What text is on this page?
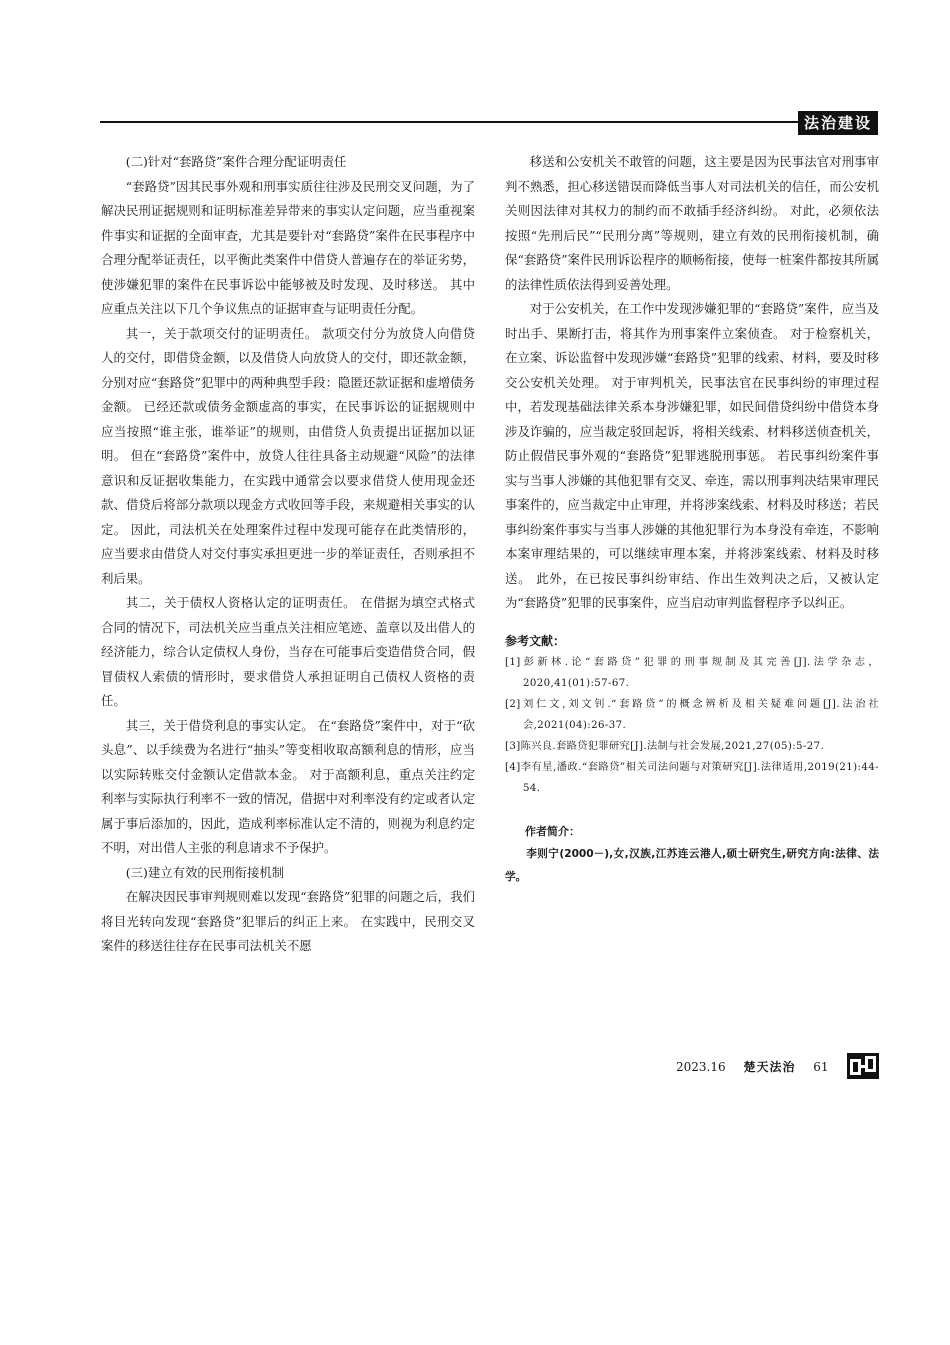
法治建设

(二)针对“套路贷”案件合理分配证明责任

“套路贷”因其民事外观和刑事实质往往涉及民刑交叉问题，为了解决民刑证据规则和证明标准差异带来的事实认定问题，应当重视案件事实和证据的全面审查，尤其是要针对“套路贷”案件在民事程序中合理分配举证责任，以平衡此类案件中借贷人普遍存在的举证劣势，使涉嫌犯罪的案件在民事诉讼中能够被及时发现、及时移送。 其中应重点关注以下几个争议焦点的证据审查与证明责任分配。

其一，关于款项交付的证明责任。 款项交付分为放贷人向借贷人的交付，即借贷金额，以及借贷人向放贷人的交付，即还款金额，分别对应“套路贷”犯罪中的两种典型手段：隐匿还款证据和虚增债务金额。 已经还款或债务金额虚高的事实，在民事诉讼的证据规则中应当按照“谁主张，谁举证”的规则，由借贷人负责提出证据加以证明。 但在“套路贷”案件中，放贷人往往具备主动规避“风险”的法律意识和反证据收集能力，在实践中通常会以要求借贷人使用现金还款、借贷后将部分款项以现金方式收回等手段，来规避相关事实的认定。 因此，司法机关在处理案件过程中发现可能存在此类情形的，应当要求由借贷人对交付事实承担更进一步的举证责任，否则承担不利后果。

其二，关于债权人资格认定的证明责任。 在借据为填空式格式合同的情况下，司法机关应当重点关注相应笔迹、盖章以及出借人的经济能力，综合认定债权人身份，当存在可能事后变造借贷合同，假冒债权人索债的情形时，要求借贷人承担证明自己债权人资格的责任。

其三，关于借贷利息的事实认定。 在“套路贷”案件中，对于“砍头息”、以手续费为名进行“抽头”等变相收取高额利息的情形，应当以实际转账交付金额认定借款本金。 对于高额利息，重点关注约定利率与实际执行利率不一致的情况，借据中对利率没有约定或者认定属于事后添加的，因此，造成利率标准认定不清的，则视为利息约定不明，对出借人主张的利息请求不予保护。

(三)建立有效的民刑衔接机制

在解决因民事审判规则难以发现“套路贷”犯罪的问题之后，我们将目光转向发现“套路贷”犯罪后的纠正上来。 在实践中，民刑交叉案件的移送往往存在民事司法机关不愿

移送和公安机关不敢管的问题，这主要是因为民事法官对刑事审判不熟悉，担心移送错误而降低当事人对司法机关的信任，而公安机关则因法律对其权力的制约而不敢插手经济纠纷。 对此，必须依法按照“先刑后民”“民刑分离”等规则，建立有效的民刑衔接机制，确保“套路贷”案件民刑诉讼程序的顺畅衔接，使每一桩案件都按其所属的法律性质依法得到妥善处理。

对于公安机关，在工作中发现涉嫌犯罪的“套路贷”案件，应当及时出手、果断打击，将其作为刑事案件立案侦查。 对于检察机关，在立案、诉讼监督中发现涉嫌“套路贷”犯罪的线索、材料，要及时移交公安机关处理。 对于审判机关，民事法官在民事纠纷的审理过程中，若发现基础法律关系本身涉嫌犯罪，如民间借贷纠纷中借贷本身涉及诈骗的，应当裁定驳回起诉，将相关线索、材料移送侦查机关，防止假借民事外观的“套路贷”犯罪逃脱刑事惩。 若民事纠纷案件事实与当事人涉嫌的其他犯罪有交叉、牵连，需以刑事判决结果审理民事案件的，应当裁定中止审理，并将涉案线索、材料及时移送；若民事纠纷案件事实与当事人涉嫌的其他犯罪行为本身没有牵连，不影响本案审理结果的，可以继续审理本案，并将涉案线索、材料及时移送。 此外，在已按民事纠纷审结、作出生效判决之后，又被认定为“套路贷”犯罪的民事案件，应当启动审判监督程序予以纠正。

参考文献：
[1]彭新林.论“套路贷”犯罪的刑事规制及其完善[J].法学杂志，2020,41(01):57-67.
[2]刘仁文,刘文钊.“套路贷”的概念辨析及相关疑难问题[J].法治社会,2021(04):26-37.
[3]陈兴良.套路贷犯罪研究[J].法制与社会发展,2021,27(05):5-27.
[4]李有星,潘政.“套路贷”相关司法问题与对策研究[J].法律适用,2019(21):44-54.
作者简介：
李则宁(2000－),女,汉族,江苏连云港人,硕士研究生,研究方向:法律、法学。
2023.16 楚天法治 61
